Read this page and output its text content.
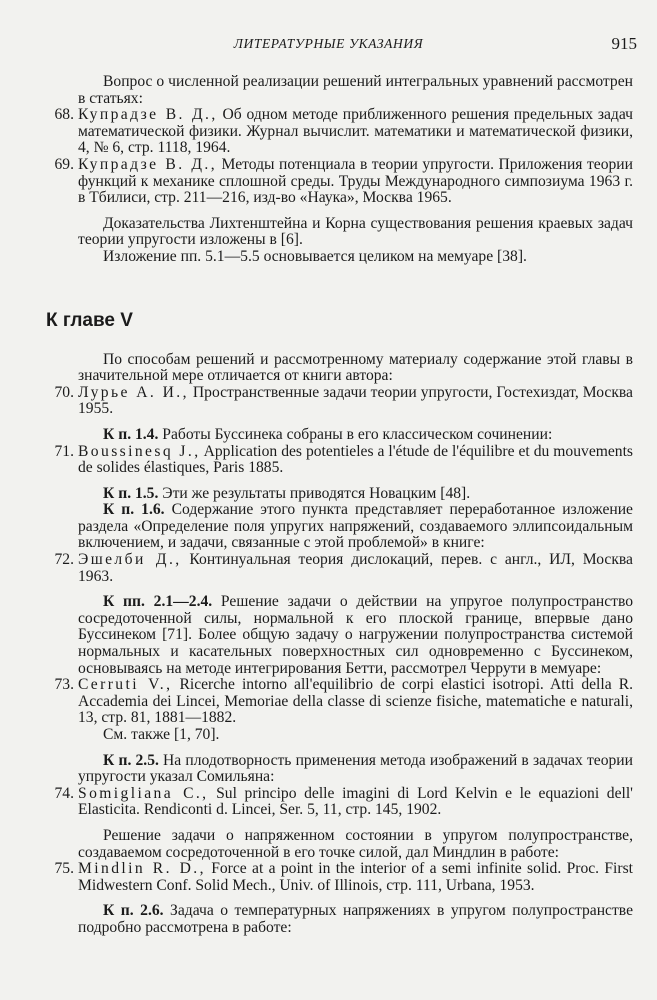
ЛИТЕРАТУРНЫЕ УКАЗАНИЯ	915

Вопрос о численной реализации решений интегральных уравнений рассмотрен в статьях:

68. Купрадзе В. Д., Об одном методе приближенного решения предельных задач математической физики. Журнал вычислит. математики и математической физики, 4, № 6, стр. 1118, 1964.

69. Купрадзе В. Д., Методы потенциала в теории упругости. Приложения теории функций к механике сплошной среды. Труды Международного симпозиума 1963 г. в Тбилиси, стр. 211—216, изд-во «Наука», Москва 1965.

Доказательства Лихтенштейна и Корна существования решения краевых задач теории упругости изложены в [6].

Изложение пп. 5.1—5.5 основывается целиком на мемуаре [38].

К главе V

По способам решений и рассмотренному материалу содержание этой главы в значительной мере отличается от книги автора:

70. Лурье А. И., Пространственные задачи теории упругости, Гостехиздат, Москва 1955.

К п. 1.4. Работы Буссинека собраны в его классическом сочинении:

71. Boussinesq J., Application des potentieles a l'étude de l'équilibre et du mouvements de solides élastiques, Paris 1885.

К п. 1.5. Эти же результаты приводятся Новацким [48].

К п. 1.6. Содержание этого пункта представляет переработанное изложение раздела «Определение поля упругих напряжений, создаваемого эллипсоидальным включением, и задачи, связанные с этой проблемой» в книге:

72. Эшелби Д., Континуальная теория дислокаций, перев. с англ., ИЛ, Москва 1963.

К пп. 2.1—2.4. Решение задачи о действии на упругое полупространство сосредоточенной силы, нормальной к его плоской границе, впервые дано Буссинеком [71]. Более общую задачу о нагружении полупространства системой нормальных и касательных поверхностных сил одновременно с Буссинеком, основываясь на методе интегрирования Бетти, рассмотрел Черрути в мемуаре:

73. Cerruti V., Ricerche intorno all'equilibrio de corpi elastici isotropi. Atti della R. Accademia dei Lincei, Memoriae della classe di scienze fisiche, matematiche e naturali, 13, стр. 81, 1881—1882.

См. также [1, 70].

К п. 2.5. На плодотворность применения метода изображений в задачах теории упругости указал Сомильяна:

74. Somigliana C., Sul principo delle imagini di Lord Kelvin e le equazioni dell' Elasticita. Rendiconti d. Lincei, Ser. 5, 11, стр. 145, 1902.

Решение задачи о напряженном состоянии в упругом полупространстве, создаваемом сосредоточенной в его точке силой, дал Миндлин в работе:

75. Mindlin R. D., Force at a point in the interior of a semi infinite solid. Proc. First Midwestern Conf. Solid Mech., Univ. of Illinois, стр. 111, Urbana, 1953.

К п. 2.6. Задача о температурных напряжениях в упругом полупространстве подробно рассмотрена в работе:
